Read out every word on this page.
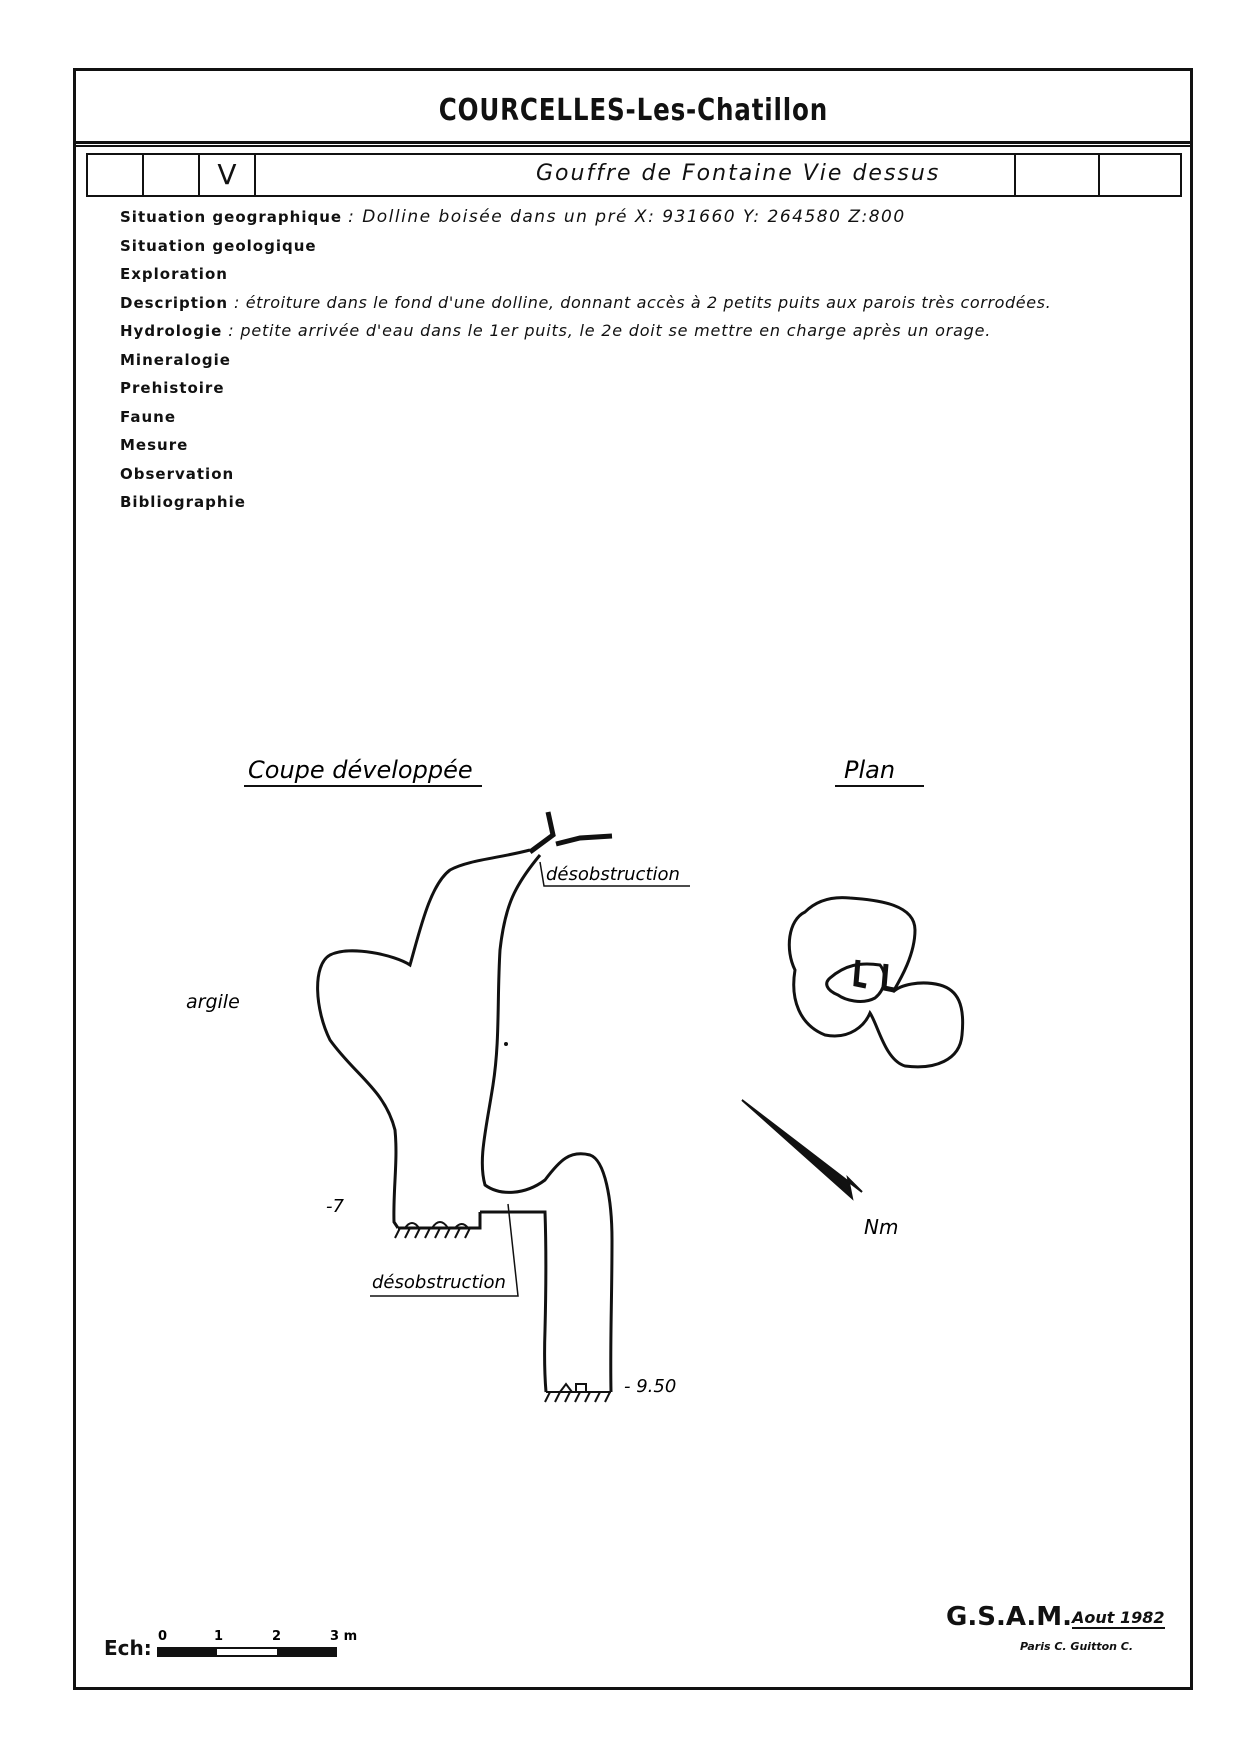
COURCELLES-Les-Chatillon
V	Gouffre de Fontaine Vie dessus
Situation geographique : Dolline boisée dans un pré X: 931660 Y: 264580 Z:800
Situation geologique
Exploration
Description : étroiture dans le fond d'une dolline, donnant accès à 2 petits puits aux parois très corrodées.
Hydrologie : petite arrivée d'eau dans le 1er puits, le 2e doit se mettre en charge après un orage.
Mineralogie
Prehistoire
Faune
Mesure
Observation
Bibliographie
Coupe développée	Plan
désobstruction
désobstruction
argile
-7
- 9.50
Nm
0	1	2	3 m
Ech:
G.S.A.M. Aout 1982
Paris C. Guitton C.
